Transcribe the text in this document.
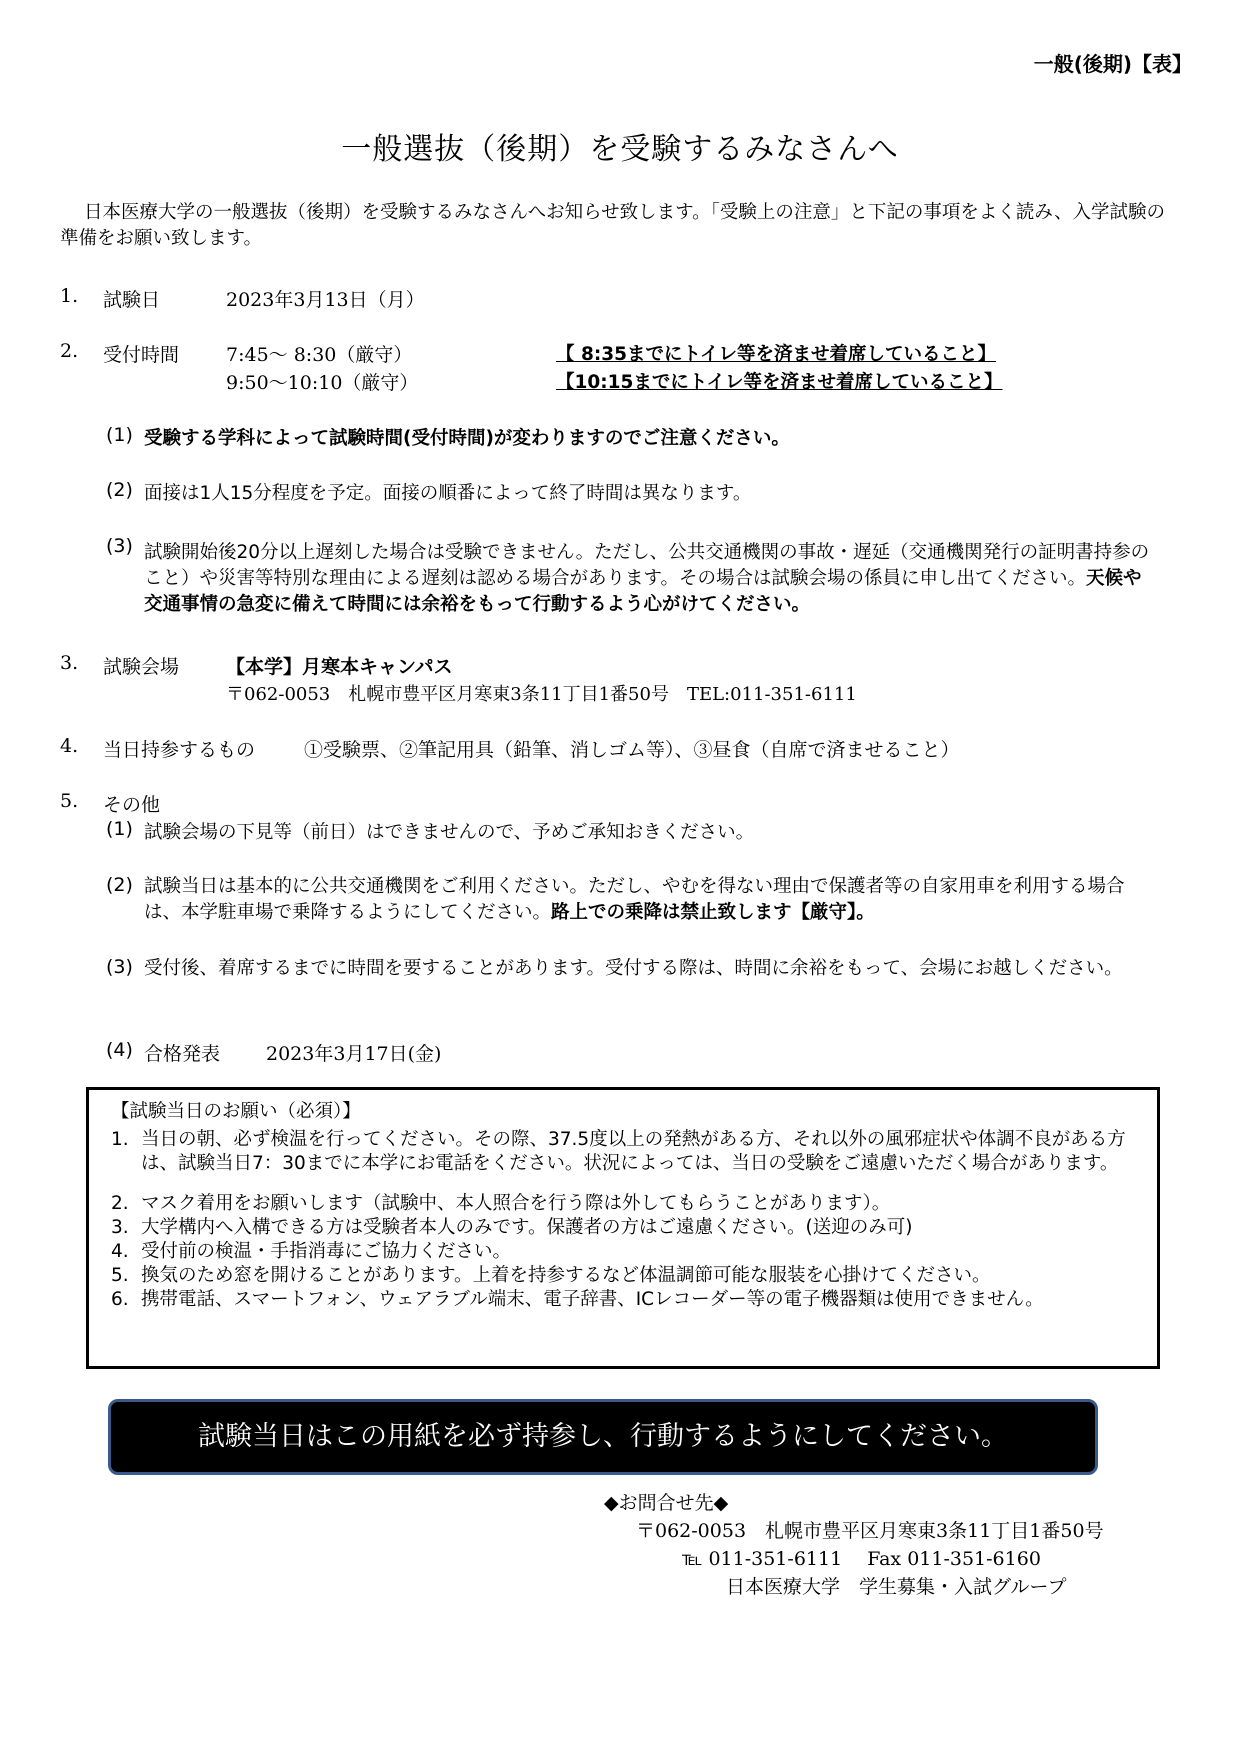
一般(後期)【表】
一般選抜（後期）を受験するみなさんへ
日本医療大学の一般選抜（後期）を受験するみなさんへお知らせ致します。「受験上の注意」と下記の事項をよく読み、入学試験の準備をお願い致します。
1. 試験日	2023年3月13日（月）
2. 受付時間 7:45～ 8:30（厳守）	【 8:35までにトイレ等を済ませ着席していること】
9:50～10:10（厳守）	【10:15までにトイレ等を済ませ着席していること】
(1) 受験する学科によって試験時間(受付時間)が変わりますのでご注意ください。
(2) 面接は1人15分程度を予定。面接の順番によって終了時間は異なります。
(3) 試験開始後20分以上遅刻した場合は受験できません。ただし、公共交通機関の事故・遅延（交通機関発行の証明書持参のこと）や災害等特別な理由による遅刻は認める場合があります。その場合は試験会場の係員に申し出てください。天候や交通事情の急変に備えて時間には余裕をもって行動するよう心がけてください。
3. 試験会場 【本学】月寒本キャンパス
〒062-0053　札幌市豊平区月寒東3条11丁目1番50号　TEL:011-351-6111
4. 当日持参するもの	①受験票、②筆記用具（鉛筆、消しゴム等）、③昼食（自席で済ませること）
5. その他
(1) 試験会場の下見等（前日）はできませんので、予めご承知おきください。
(2) 試験当日は基本的に公共交通機関をご利用ください。ただし、やむを得ない理由で保護者等の自家用車を利用する場合は、本学駐車場で乗降するようにしてください。路上での乗降は禁止致します【厳守】。
(3) 受付後、着席するまでに時間を要することがあります。受付する際は、時間に余裕をもって、会場にお越しください。
(4) 合格発表 2023年3月17日(金)
【試験当日のお願い（必須）】
1. 当日の朝、必ず検温を行ってください。その際、37.5度以上の発熱がある方、それ以外の風邪症状や体調不良がある方は、試験当日7：30までに本学にお電話をください。状況によっては、当日の受験をご遠慮いただく場合があります。
2. マスク着用をお願いします（試験中、本人照合を行う際は外してもらうことがあります）。
3. 大学構内へ入構できる方は受験者本人のみです。保護者の方はご遠慮ください。(送迎のみ可)
4. 受付前の検温・手指消毒にご協力ください。
5. 換気のため窓を開けることがあります。上着を持参するなど体温調節可能な服装を心掛けてください。
6. 携帯電話、スマートフォン、ウェアラブル端末、電子辞書、ICレコーダー等の電子機器類は使用できません。
試験当日はこの用紙を必ず持参し、行動するようにしてください。
◆お問合せ先◆
〒062-0053　札幌市豊平区月寒東3条11丁目1番50号
℡ 011-351-6111　 Fax 011-351-6160
日本医療大学　学生募集・入試グループ
